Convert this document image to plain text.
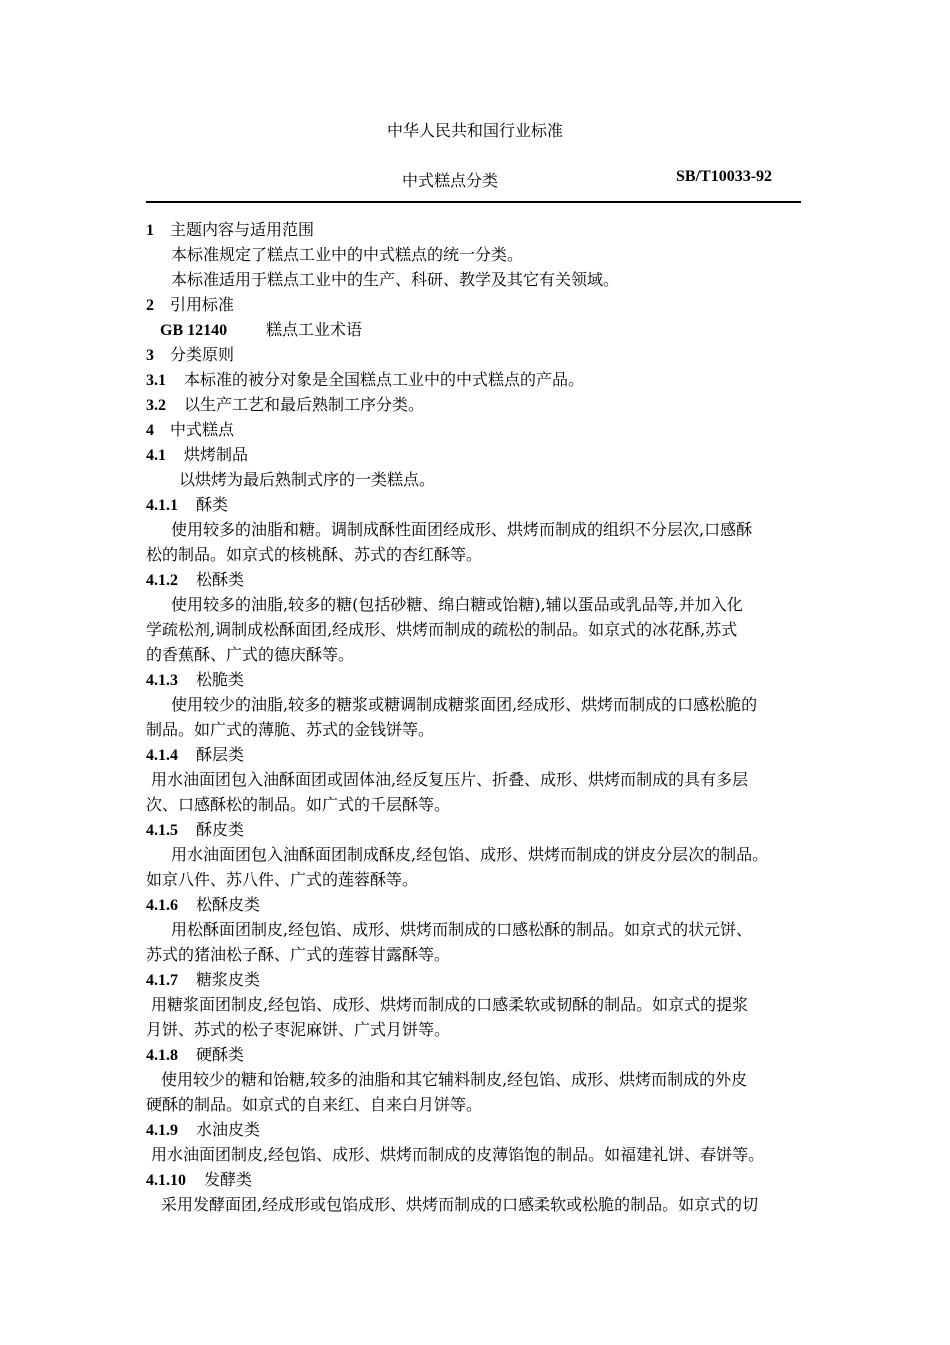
中华人民共和国行业标准
中式糕点分类	SB/T10033-92
1 主题内容与适用范围
本标准规定了糕点工业中的中式糕点的统一分类。
本标准适用于糕点工业中的生产、科研、教学及其它有关领域。
2 引用标准
GB 12140 糕点工业术语
3 分类原则
3.1 本标准的被分对象是全国糕点工业中的中式糕点的产品。
3.2 以生产工艺和最后熟制工序分类。
4 中式糕点
4.1 烘烤制品
以烘烤为最后熟制式序的一类糕点。
4.1.1 酥类
使用较多的油脂和糖。调制成酥性面团经成形、烘烤而制成的组织不分层次,口感酥
松的制品。如京式的核桃酥、苏式的杏红酥等。
4.1.2 松酥类
使用较多的油脂,较多的糖(包括砂糖、绵白糖或饴糖),辅以蛋品或乳品等,并加入化
学疏松剂,调制成松酥面团,经成形、烘烤而制成的疏松的制品。如京式的冰花酥,苏式
的香蕉酥、广式的德庆酥等。
4.1.3 松脆类
使用较少的油脂,较多的糖浆或糖调制成糖浆面团,经成形、烘烤而制成的口感松脆的
制品。如广式的薄脆、苏式的金钱饼等。
4.1.4 酥层类
用水油面团包入油酥面团或固体油,经反复压片、折叠、成形、烘烤而制成的具有多层
次、口感酥松的制品。如广式的千层酥等。
4.1.5 酥皮类
用水油面团包入油酥面团制成酥皮,经包馅、成形、烘烤而制成的饼皮分层次的制品。
如京八件、苏八件、广式的莲蓉酥等。
4.1.6 松酥皮类
用松酥面团制皮,经包馅、成形、烘烤而制成的口感松酥的制品。如京式的状元饼、
苏式的猪油松子酥、广式的莲蓉甘露酥等。
4.1.7 糖浆皮类
用糖浆面团制皮,经包馅、成形、烘烤而制成的口感柔软或韧酥的制品。如京式的提浆
月饼、苏式的松子枣泥麻饼、广式月饼等。
4.1.8 硬酥类
使用较少的糖和饴糖,较多的油脂和其它辅料制皮,经包馅、成形、烘烤而制成的外皮
硬酥的制品。如京式的自来红、自来白月饼等。
4.1.9 水油皮类
用水油面团制皮,经包馅、成形、烘烤而制成的皮薄馅饱的制品。如福建礼饼、春饼等。
4.1.10 发酵类
采用发酵面团,经成形或包馅成形、烘烤而制成的口感柔软或松脆的制品。如京式的切
